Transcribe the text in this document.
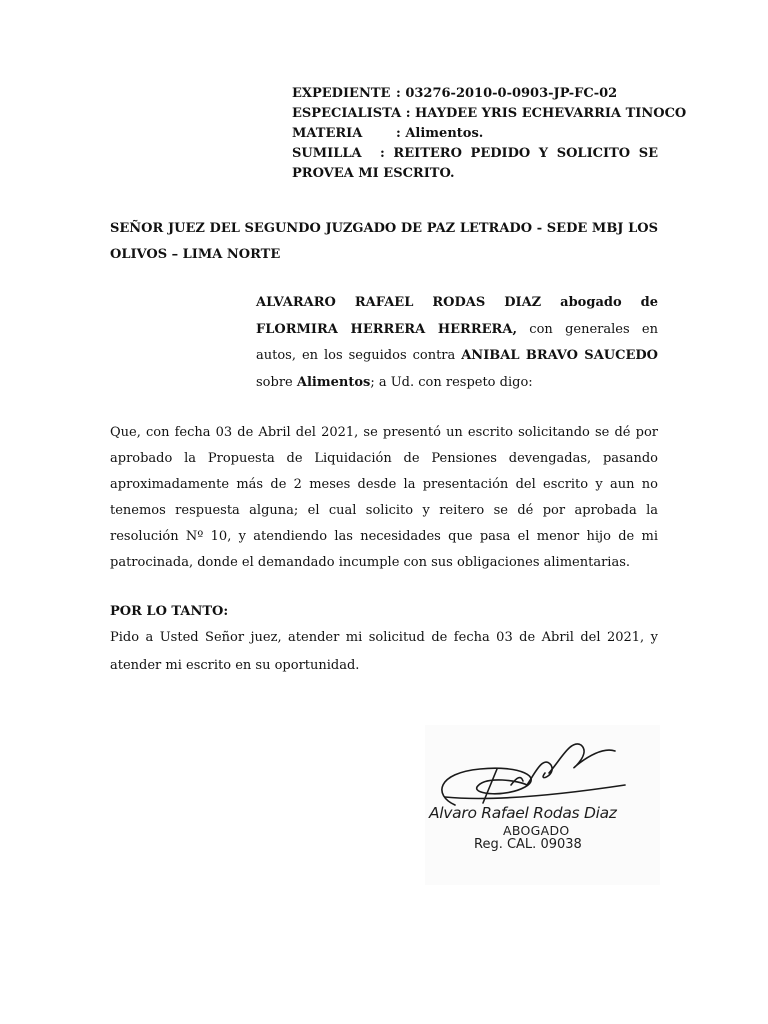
EXPEDIENTE : 03276-2010-0-0903-JP-FC-02
ESPECIALISTA : HAYDEE YRIS ECHEVARRIA TINOCO
MATERIA	: Alimentos.
SUMILLA : REITERO PEDIDO Y SOLICITO SE PROVEA MI ESCRITO.
SEÑOR JUEZ DEL SEGUNDO JUZGADO DE PAZ LETRADO - SEDE MBJ LOS OLIVOS – LIMA NORTE
ALVARARO RAFAEL RODAS DIAZ abogado de FLORMIRA HERRERA HERRERA, con generales en autos, en los seguidos contra ANIBAL BRAVO SAUCEDO sobre Alimentos; a Ud. con respeto digo:
Que, con fecha 03 de Abril del 2021, se presentó un escrito solicitando se dé por aprobado la Propuesta de Liquidación de Pensiones devengadas, pasando aproximadamente más de 2 meses desde la presentación del escrito y aun no tenemos respuesta alguna; el cual solicito y reitero se dé por aprobada la resolución Nº 10, y atendiendo las necesidades que pasa el menor hijo de mi patrocinada, donde el demandado incumple con sus obligaciones alimentarias.
POR LO TANTO:
Pido a Usted Señor juez, atender mi solicitud de fecha 03 de Abril del 2021, y atender mi escrito en su oportunidad.
Alvaro Rafael Rodas Diaz
ABOGADO
Reg. CAL. 09038
